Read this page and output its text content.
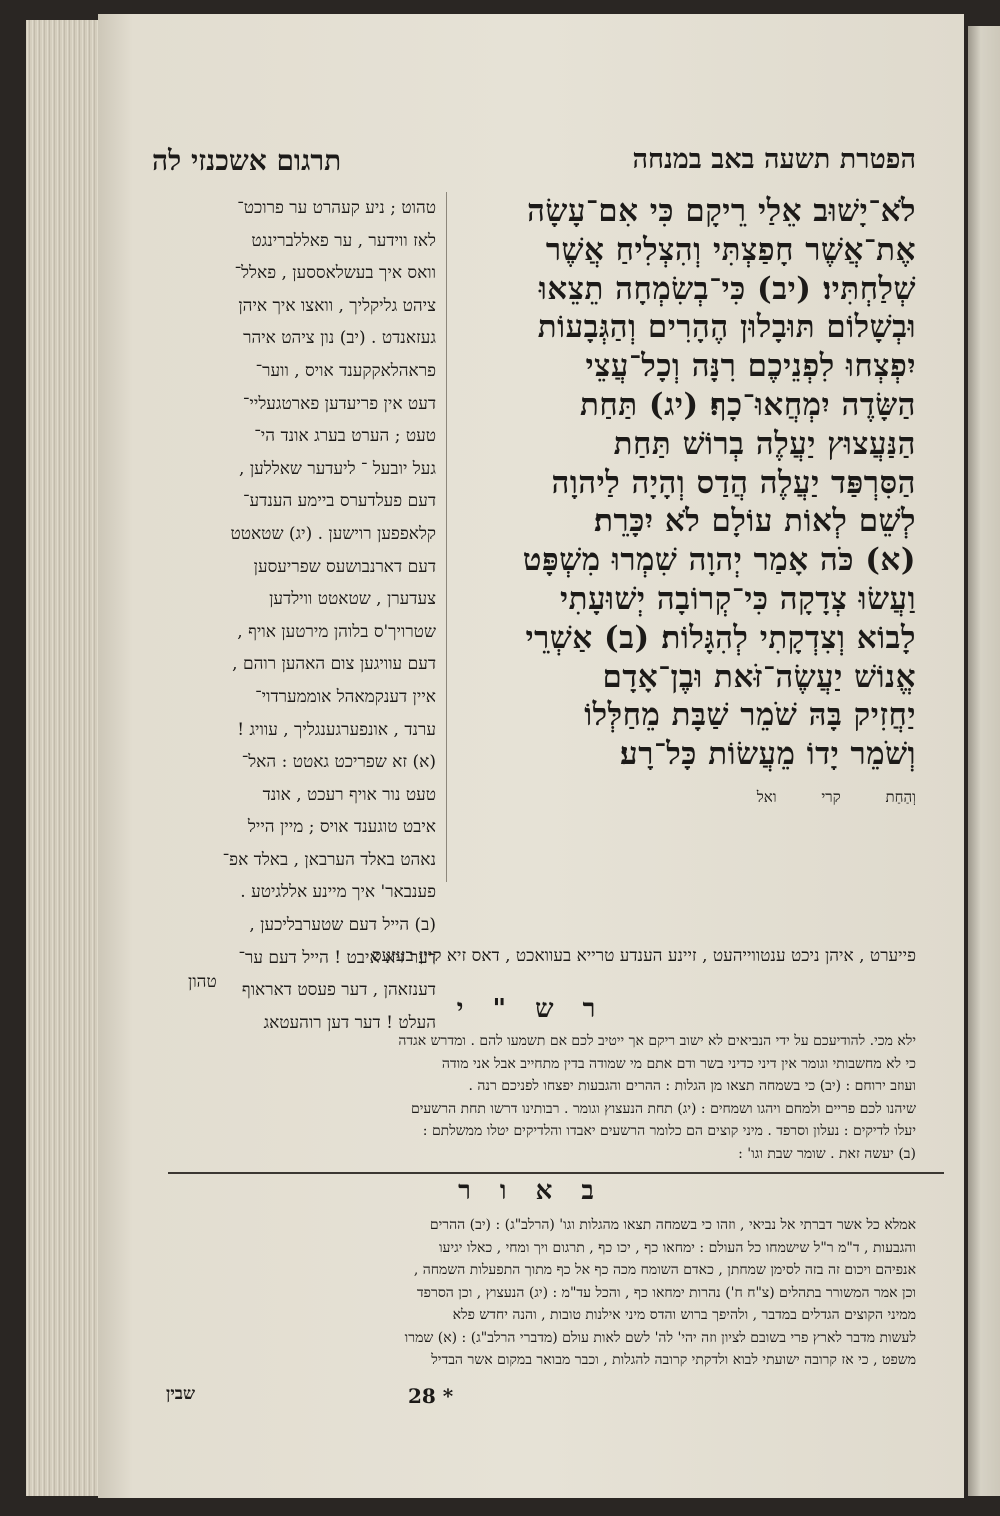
הפטרת תשעה באב במנחה
תרגום אשכנזי לה
לֹא־יָשׁוּב אֵלַי רֵיקָם כִּי אִם־עָשָׂה
אֶת־אֲשֶׁר חָפַצְתִּי וְהִצְלִיחַ אֲשֶׁר
שְׁלַחְתִּיו׃ (יב) כִּי־בְשִׂמְחָה תֵצֵאוּ
וּבְשָׁלוֹם תּוּבָלוּן הֶהָרִים וְהַגְּבָעוֹת
יִפְצְחוּ לִפְנֵיכֶם רִנָּה וְכָל־עֲצֵי
הַשָּׂדֶה יִמְחֲאוּ־כָף׃ (יג) תַּחַת
הַנַּעֲצוּץ יַעֲלֶה בְרוֹשׁ תַּחַת
הַסִּרְפַּד יַעֲלֶה הֲדַס וְהָיָה לַיהוָה
לְשֵׁם לְאוֹת עוֹלָם לֹא יִכָּרֵת׃
(א) כֹּה אָמַר יְהוָה שִׁמְרוּ מִשְׁפָּט
וַעֲשׂוּ צְדָקָה כִּי־קְרוֹבָה יְשׁוּעָתִי
לָבוֹא וְצִדְקָתִי לְהִגָּלוֹת׃ (ב) אַשְׁרֵי
אֱנוֹשׁ יַעֲשֶׂה־זֹּאת וּבֶן־אָדָם
יַחֲזִיק בָּהּ שֹׁמֵר שַׁבָּת מֵחַלְּלוֹ
וְשֹׁמֵר יָדוֹ מֵעֲשׂוֹת כָּל־רָע׃
וְהַחַת קרי ואל
טהוט ; ניע קעהרט ער פרוכט־
לאז ווידער , ער פאללברינגט
וואס איך בעשלאססען , פאלל־
ציהט גליקליך , וואצו איך איהן
געזאנדט . (יב) נון ציהט איהר
פראהלאקקענד אויס , ווער־
דעט אין פריעדען פארטגעליי־
טעט ; הערט בערג אונד הי־
געל יובעל ־ ליעדער שאללען ,
דעם פעלדערס ביימע הענדע־
קלאפפען רוישען . (יג) שטאטט
דעם דארנבושעס שפריעסען
צעדערן , שטאטט ווילדען
שטרויך'ס בלוהן מירטען אויף ,
דעם עוויגען צום האהען רוהם ,
איין דענקמאהל אוממערדוי־
ערנד , אונפערגענגליך , עוויג !
(א) זא שפריכט גאטט : האל־
טעט נור אויף רעכט , אונד
איבט טוגענד אויס ; מיין הייל
נאהט באלד הערבאן , באלד אפ־
פענבאר' איך מיינע אללגיטע .
(ב) הייל דעם שטערבליכען ,
דער זיא איבט ! הייל דעם ער־
דענזאהן , דער פעסט דאראוף
העלט ! דער דען רוהעטאג
פייערט , איהן ניכט ענטווייהעט , זיינע הענדע טרייא בעוואכט , דאס זיא קיין בעזעס
טהון
ר ש " י
ילא מכי. להודיעכם על ידי הנביאים לא ישוב ריקם אך ייטיב לכם אם תשמעו להם . ומדרש אגדה
כי לא מחשבותי וגומר אין דיני כדיני בשר ודם אתם מי שמודה בדין מתחייב אבל אני מודה
ועוזב ירוחם : (יב) כי בשמחה תצאו מן הגלות : ההרים והגבעות יפצחו לפניכם רנה .
שיהנו לכם פריים ולמחם ויהגו ושמחים : (יג) תחת הנעצוץ וגומר . רבותינו דרשו תחת הרשעים
יעלו לדיקים : נעלון וסרפד . מיני קוצים הם כלומר הרשעים יאבדו והלדיקים יטלו ממשלתם :
(ב) יעשה זאת . שומר שבת וגו' :
ב א ו ר
אמלא כל אשר דברתי אל נביאי , וזהו כי בשמחה תצאו מהגלות וגו' (הרלב"ג) : (יב) ההרים
והגבעות , ד"מ ר"ל שישמחו כל העולם : ימחאו כף , יכו כף , תרגום ויך ומחי , כאלו יגיעו
אנפיהם ויכום זה בזה לסימן שמחתן , כאדם השומח מכה כף אל כף מתוך התפעלות השמחה ,
וכן אמר המשורר בתהלים (צ"ח ח') נהרות ימחאו כף , והכל עד"מ : (יג) הנעצוץ , וכן הסרפד
ממיני הקוצים הגדלים במדבר , ולהיפך ברוש והדס מיני אילנות טובות , והנה יחדש פלא
לעשות מדבר לארץ פרי בשובם לציון וזה יהי' לה' לשם לאות עולם (מדברי הרלב"ג) : (א) שמרו
משפט , כי אז קרובה ישועתי לבוא ולדקתי קרובה להגלות , וכבר מבואר במקום אשר הבדיל
28 *
שבין
